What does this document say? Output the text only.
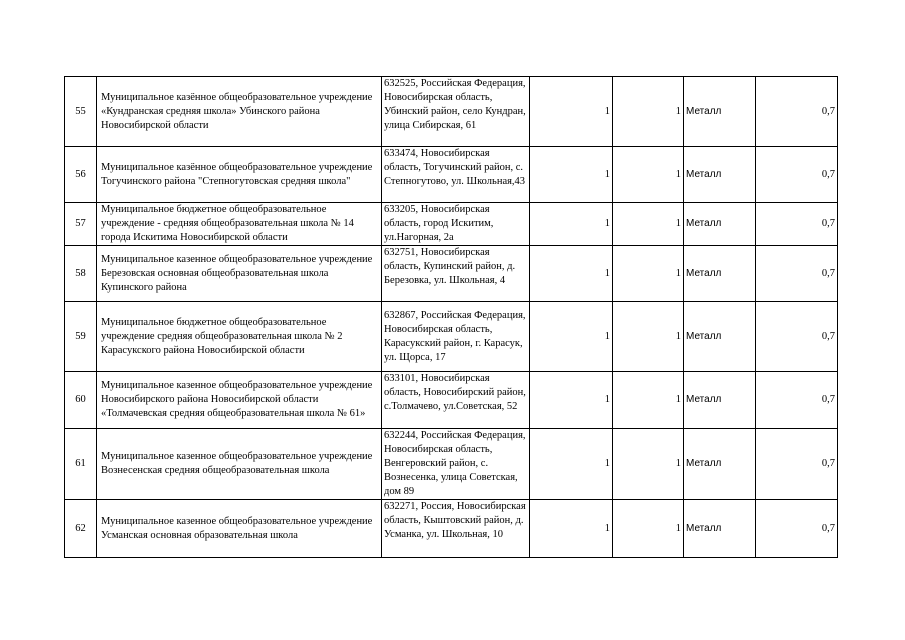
55	Муниципальное казённое общеобразовательное учреждение «Кундранская средняя школа» Убинского района Новосибирской области	632525, Российская Федерация, Новосибирская область, Убинский район, село Кундран, улица Сибирская, 61	1	1	Металл	0,7
56	Муниципальное казённое общеобразовательное учреждение Тогучинского района "Степногутовская средняя школа"	633474, Новосибирская область, Тогучинский район, с. Степногутово, ул. Школьная,43	1	1	Металл	0,7
57	Муниципальное бюджетное общеобразовательное учреждение - средняя общеобразовательная школа № 14 города Искитима Новосибирской области	633205, Новосибирская область, город Искитим, ул.Нагорная, 2а	1	1	Металл	0,7
58	Муниципальное казенное общеобразовательное учреждение Березовская основная общеобразовательная школа Купинского района	632751, Новосибирская область, Купинский район, д. Березовка, ул. Школьная, 4	1	1	Металл	0,7
59	Муниципальное бюджетное общеобразовательное учреждение средняя общеобразовательная школа № 2 Карасукского района Новосибирской области	632867, Российская Федерация, Новосибирская область, Карасукский район, г. Карасук, ул. Щорса, 17	1	1	Металл	0,7
60	Муниципальное казенное общеобразовательное учреждение Новосибирского района Новосибирской области «Толмачевская средняя общеобразовательная школа № 61»	633101, Новосибирская область, Новосибирский район, с.Толмачево, ул.Советская, 52	1	1	Металл	0,7
61	Муниципальное казенное общеобразовательное учреждение Вознесенская средняя общеобразовательная школа	632244, Российская Федерация, Новосибирская область, Венгеровский район, с. Вознесенка, улица Советская, дом 89	1	1	Металл	0,7
62	Муниципальное казенное общеобразовательное учреждение Усманская основная образовательная школа	632271, Россия, Новосибирская область, Кыштовский район, д. Усманка, ул. Школьная, 10	1	1	Металл	0,7
